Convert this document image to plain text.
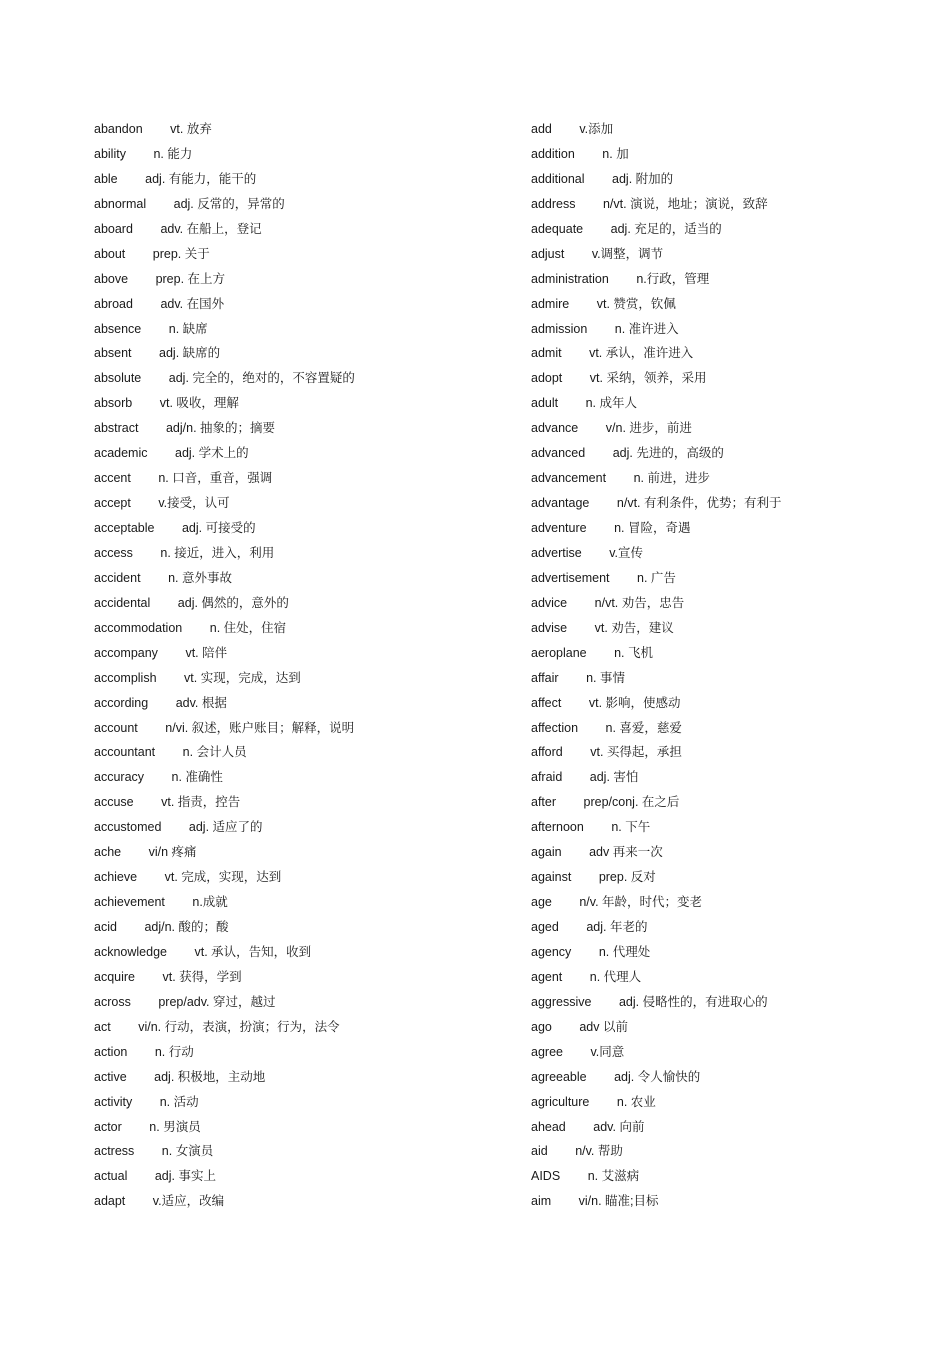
abandon vt. 放弃
ability n. 能力
able adj. 有能力，能干的
abnormal adj. 反常的，异常的
aboard adv. 在船上，登记
about prep. 关于
above prep. 在上方
abroad adv. 在国外
absence n. 缺席
absent adj. 缺席的
absolute adj. 完全的，绝对的，不容置疑的
absorb vt. 吸收，理解
abstract adj/n. 抽象的；摘要
academic adj. 学术上的
accent n. 口音，重音，强调
accept v.接受，认可
acceptable adj. 可接受的
access n. 接近，进入，利用
accident n. 意外事故
accidental adj. 偶然的，意外的
accommodation n. 住处，住宿
accompany vt. 陪伴
accomplish vt. 实现，完成，达到
according adv. 根据
account n/vi. 叙述，账户账目；解释，说明
accountant n. 会计人员
accuracy n. 准确性
accuse vt. 指责，控告
accustomed adj. 适应了的
ache vi/n 疼痛
achieve vt. 完成，实现，达到
achievement n.成就
acid adj/n. 酸的；酸
acknowledge vt. 承认，告知，收到
acquire vt. 获得，学到
across prep/adv. 穿过，越过
act vi/n. 行动，表演，扮演；行为，法令
action n. 行动
active adj. 积极地，主动地
activity n. 活动
actor n. 男演员
actress n. 女演员
actual adj. 事实上
adapt v.适应，改编
add v.添加
addition n. 加
additional adj. 附加的
address n/vt. 演说，地址；演说，致辞
adequate adj. 充足的，适当的
adjust v.调整，调节
administration n.行政，管理
admire vt. 赞赏，钦佩
admission n. 准许进入
admit vt. 承认，准许进入
adopt vt. 采纳，领养，采用
adult n. 成年人
advance v/n. 进步，前进
advanced adj. 先进的，高级的
advancement n. 前进，进步
advantage n/vt. 有利条件，优势；有利于
adventure n. 冒险，奇遇
advertise v.宣传
advertisement n. 广告
advice n/vt. 劝告，忠告
advise vt. 劝告，建议
aeroplane n. 飞机
affair n. 事情
affect vt. 影响，使感动
affection n. 喜爱，慈爱
afford vt. 买得起，承担
afraid adj. 害怕
after prep/conj. 在之后
afternoon n. 下午
again adv 再来一次
against prep. 反对
age n/v. 年龄，时代；变老
aged adj. 年老的
agency n. 代理处
agent n. 代理人
aggressive adj. 侵略性的，有进取心的
ago adv 以前
agree v.同意
agreeable adj. 令人愉快的
agriculture n. 农业
ahead adv. 向前
aid n/v. 帮助
AIDS n. 艾滋病
aim vi/n. 瞄准;目标
